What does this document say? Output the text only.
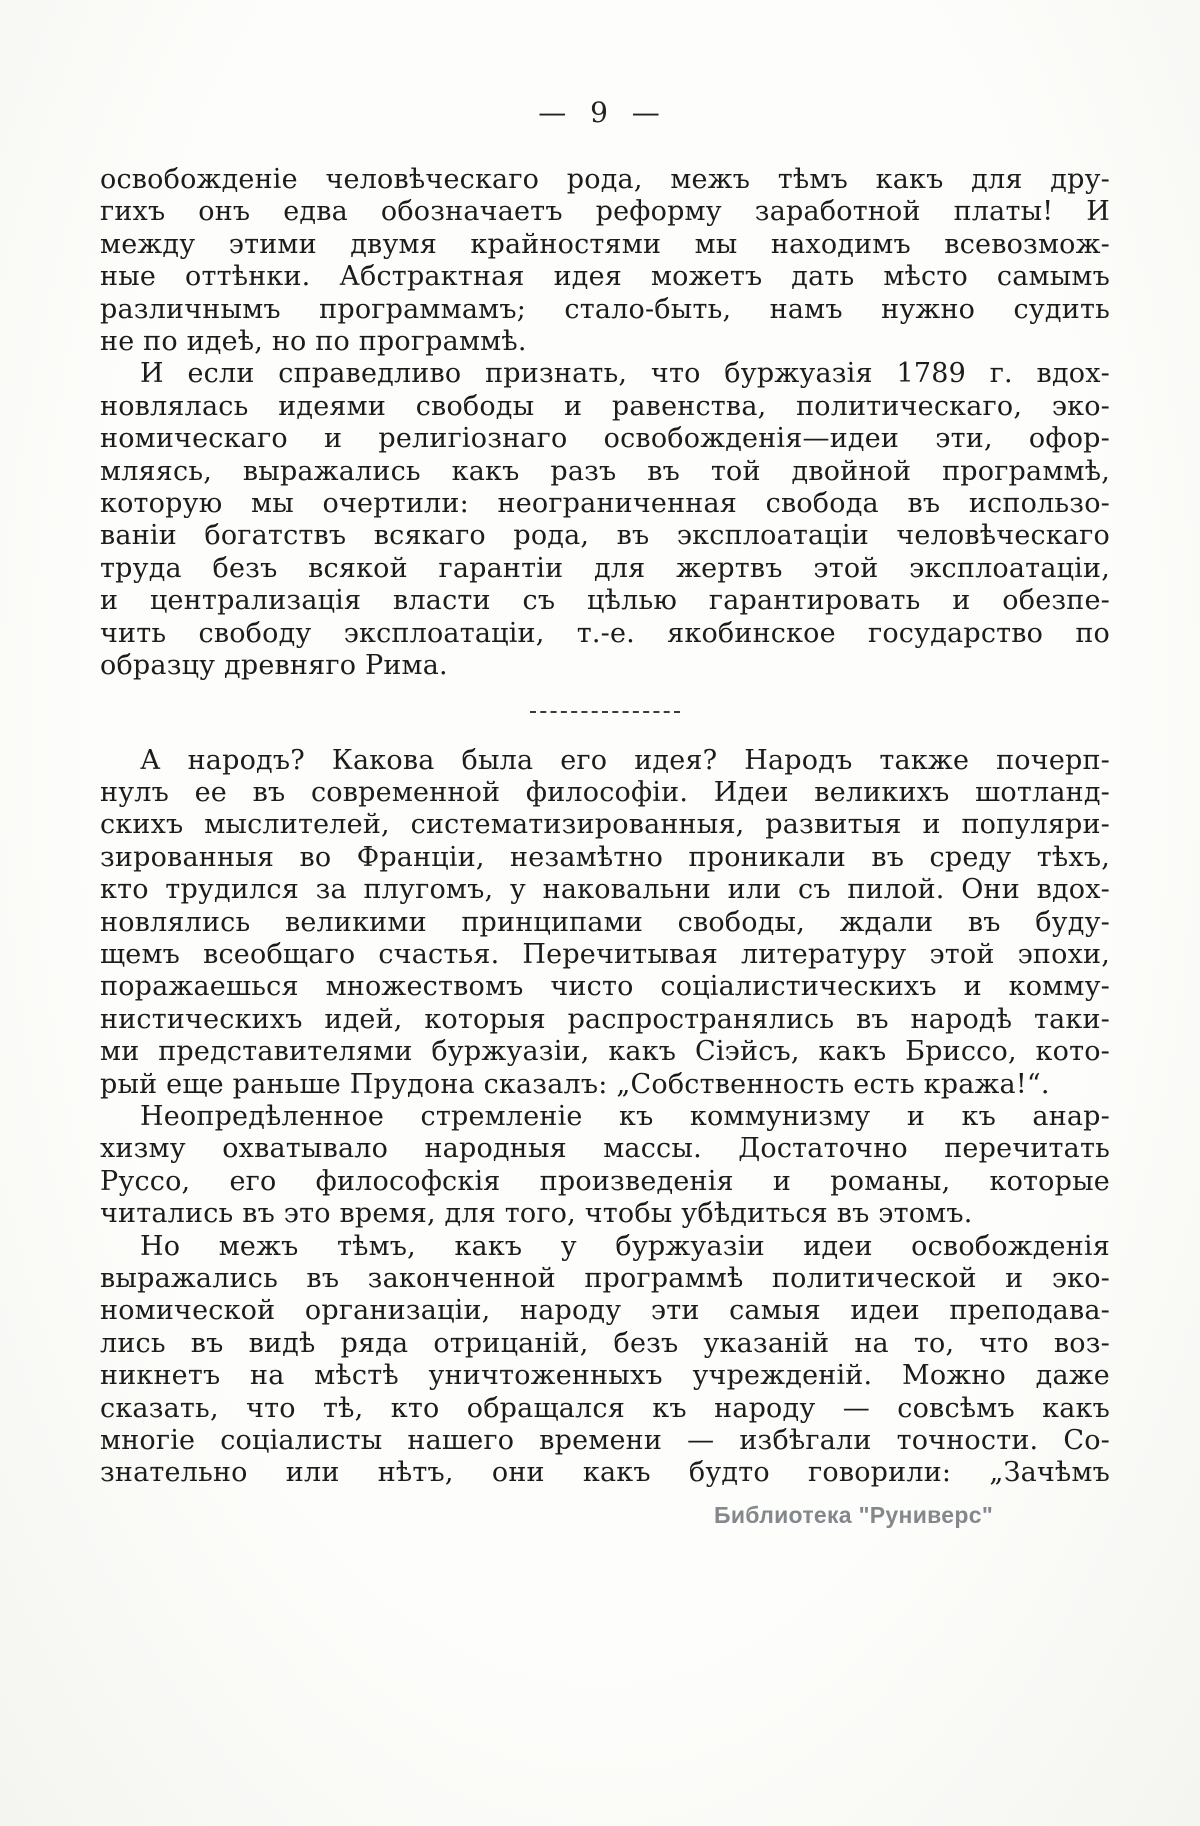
—  9  —
освобожденіе человѣческаго рода, межъ тѣмъ какъ для дру-
гихъ онъ едва обозначаетъ реформу заработной платы! И
между этими двумя крайностями мы находимъ всевозмож-
ные оттѣнки. Абстрактная идея можетъ дать мѣсто самымъ
различнымъ программамъ; стало-быть, намъ нужно судить
не по идеѣ, но по программѣ.
И если справедливо признать, что буржуазія 1789 г. вдох-
новлялась идеями свободы и равенства, политическаго, эко-
номическаго и религіознаго освобожденія—идеи эти, офор-
мляясь, выражались какъ разъ въ той двойной программѣ,
которую мы очертили: неограниченная свобода въ использо-
ваніи богатствъ всякаго рода, въ эксплоатаціи человѣческаго
труда безъ всякой гарантіи для жертвъ этой эксплоатаціи,
и централизація власти съ цѣлью гарантировать и обезпе-
чить свободу эксплоатаціи, т.-е. якобинское государство по
образцу древняго Рима.
А народъ? Какова была его идея? Народъ также почерп-
нулъ ее въ современной философіи. Идеи великихъ шотланд-
скихъ мыслителей, систематизированныя, развитыя и популяри-
зированныя во Франціи, незамѣтно проникали въ среду тѣхъ,
кто трудился за плугомъ, у наковальни или съ пилой. Они вдох-
новлялись великими принципами свободы, ждали въ буду-
щемъ всеобщаго счастья. Перечитывая литературу этой эпохи,
поражаешься множествомъ чисто соціалистическихъ и комму-
нистическихъ идей, которыя распространялись въ народѣ таки-
ми представителями буржуазіи, какъ Сіэйсъ, какъ Бриссо, кото-
рый еще раньше Прудона сказалъ: „Собственность есть кража!“.
Неопредѣленное стремленіе къ коммунизму и къ анар-
хизму охватывало народныя массы. Достаточно перечитать
Руссо, его философскія произведенія и романы, которые
читались въ это время, для того, чтобы убѣдиться въ этомъ.
Но межъ тѣмъ, какъ у буржуазіи идеи освобожденія
выражались въ законченной программѣ политической и эко-
номической организаціи, народу эти самыя идеи преподава-
лись въ видѣ ряда отрицаній, безъ указаній на то, что воз-
никнетъ на мѣстѣ уничтоженныхъ учрежденій. Можно даже
сказать, что тѣ, кто обращался къ народу — совсѣмъ какъ
многіе соціалисты нашего времени — избѣгали точности. Со-
знательно или нѣтъ, они какъ будто говорили: „Зачѣмъ
Библиотека "Руниверс"
